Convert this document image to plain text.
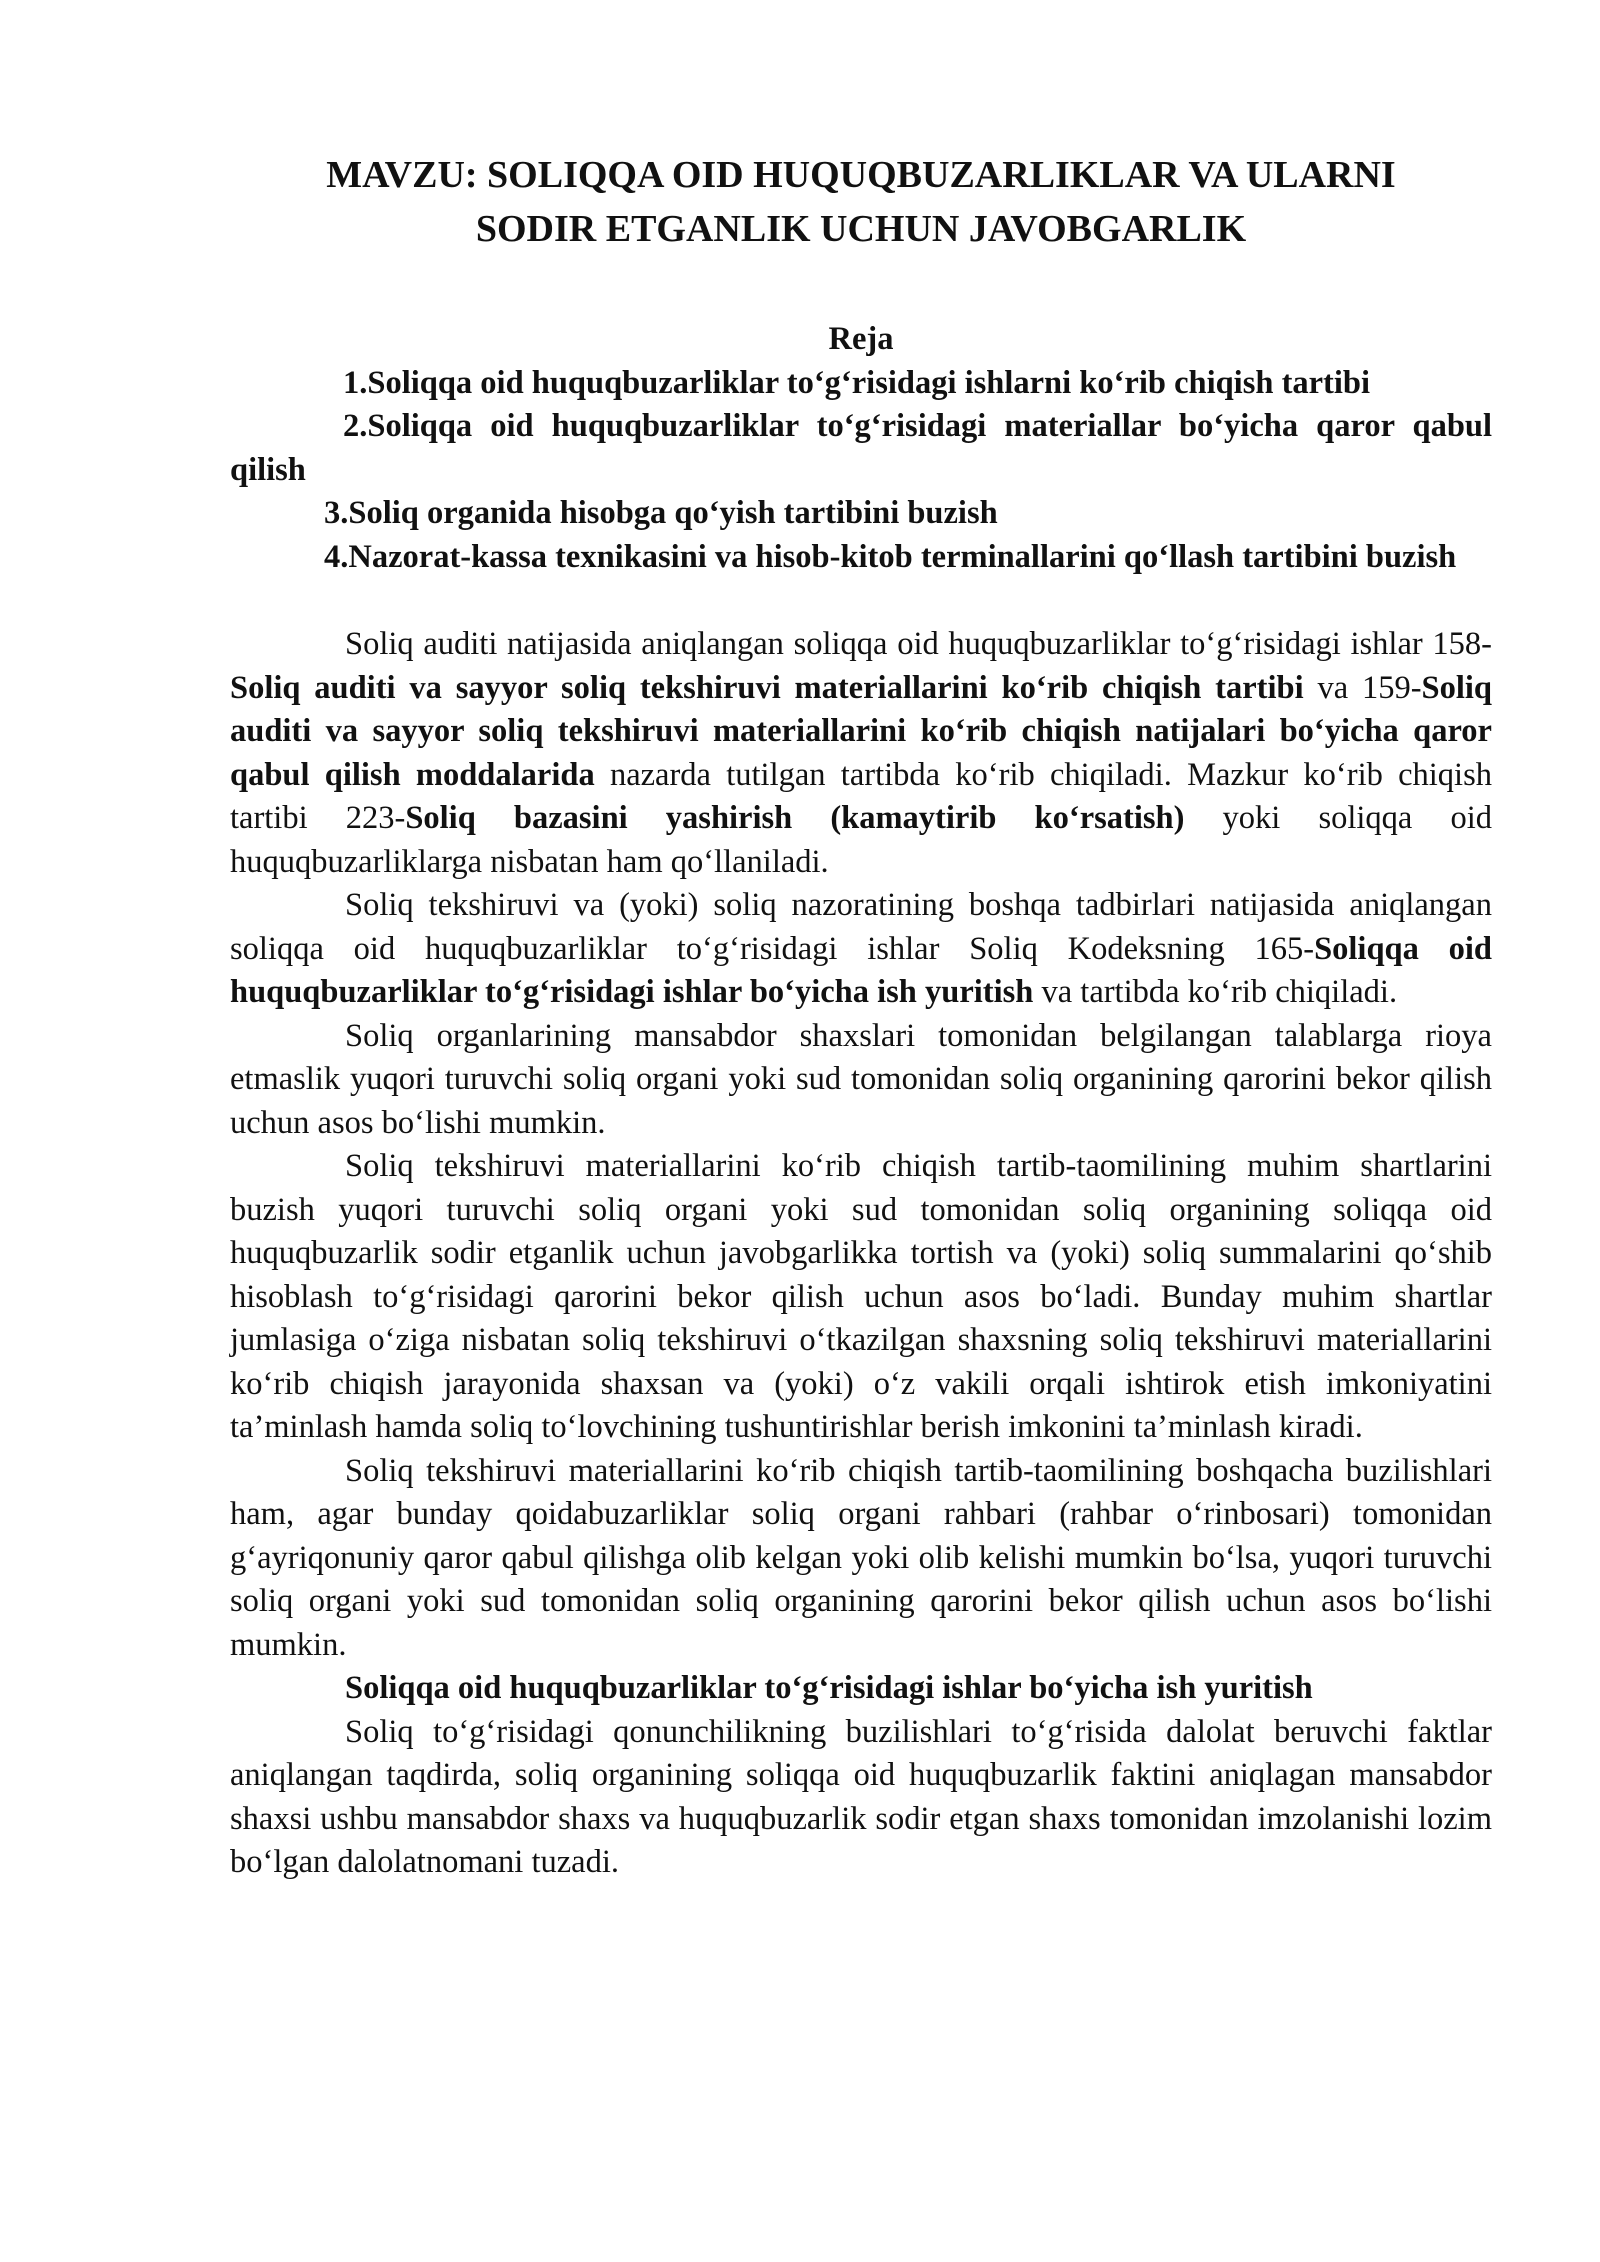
MAVZU: SOLIQQA OID HUQUQBUZARLIKLAR VA ULARNI
SODIR ETGANLIK UCHUN JAVOBGARLIK

Reja

1.Soliqqa oid huquqbuzarliklar to‘g‘risidagi ishlarni ko‘rib chiqish tartibi

2.Soliqqa oid huquqbuzarliklar to‘g‘risidagi materiallar bo‘yicha qaror qabul qilish

3.Soliq organida hisobga qo‘yish tartibini buzish

4.Nazorat-kassa texnikasini va hisob-kitob terminallarini qo‘llash tartibini buzish

Soliq auditi natijasida aniqlangan soliqqa oid huquqbuzarliklar to‘g‘risidagi ishlar 158-Soliq auditi va sayyor soliq tekshiruvi materiallarini ko‘rib chiqish tartibi va 159-Soliq auditi va sayyor soliq tekshiruvi materiallarini ko‘rib chiqish natijalari bo‘yicha qaror qabul qilish moddalarida nazarda tutilgan tartibda ko‘rib chiqiladi. Mazkur ko‘rib chiqish tartibi 223-Soliq bazasini yashirish (kamaytirib ko‘rsatish) yoki soliqqa oid huquqbuzarliklarga nisbatan ham qo‘llaniladi.

Soliq tekshiruvi va (yoki) soliq nazoratining boshqa tadbirlari natijasida aniqlangan soliqqa oid huquqbuzarliklar to‘g‘risidagi ishlar Soliq Kodeksning 165-Soliqqa oid huquqbuzarliklar to‘g‘risidagi ishlar bo‘yicha ish yuritish va tartibda ko‘rib chiqiladi.

Soliq organlarining mansabdor shaxslari tomonidan belgilangan talablarga rioya etmaslik yuqori turuvchi soliq organi yoki sud tomonidan soliq organining qarorini bekor qilish uchun asos bo‘lishi mumkin.

Soliq tekshiruvi materiallarini ko‘rib chiqish tartib-taomilining muhim shartlarini buzish yuqori turuvchi soliq organi yoki sud tomonidan soliq organining soliqqa oid huquqbuzarlik sodir etganlik uchun javobgarlikka tortish va (yoki) soliq summalarini qo‘shib hisoblash to‘g‘risidagi qarorini bekor qilish uchun asos bo‘ladi. Bunday muhim shartlar jumlasiga o‘ziga nisbatan soliq tekshiruvi o‘tkazilgan shaxsning soliq tekshiruvi materiallarini ko‘rib chiqish jarayonida shaxsan va (yoki) o‘z vakili orqali ishtirok etish imkoniyatini ta’minlash hamda soliq to‘lovchining tushuntirishlar berish imkonini ta’minlash kiradi.

Soliq tekshiruvi materiallarini ko‘rib chiqish tartib-taomilining boshqacha buzilishlari ham, agar bunday qoidabuzarliklar soliq organi rahbari (rahbar o‘rinbosari) tomonidan g‘ayriqonuniy qaror qabul qilishga olib kelgan yoki olib kelishi mumkin bo‘lsa, yuqori turuvchi soliq organi yoki sud tomonidan soliq organining qarorini bekor qilish uchun asos bo‘lishi mumkin.

Soliqqa oid huquqbuzarliklar to‘g‘risidagi ishlar bo‘yicha ish yuritish

Soliq to‘g‘risidagi qonunchilikning buzilishlari to‘g‘risida dalolat beruvchi faktlar aniqlangan taqdirda, soliq organining soliqqa oid huquqbuzarlik faktini aniqlagan mansabdor shaxsi ushbu mansabdor shaxs va huquqbuzarlik sodir etgan shaxs tomonidan imzolanishi lozim bo‘lgan dalolatnomani tuzadi.
